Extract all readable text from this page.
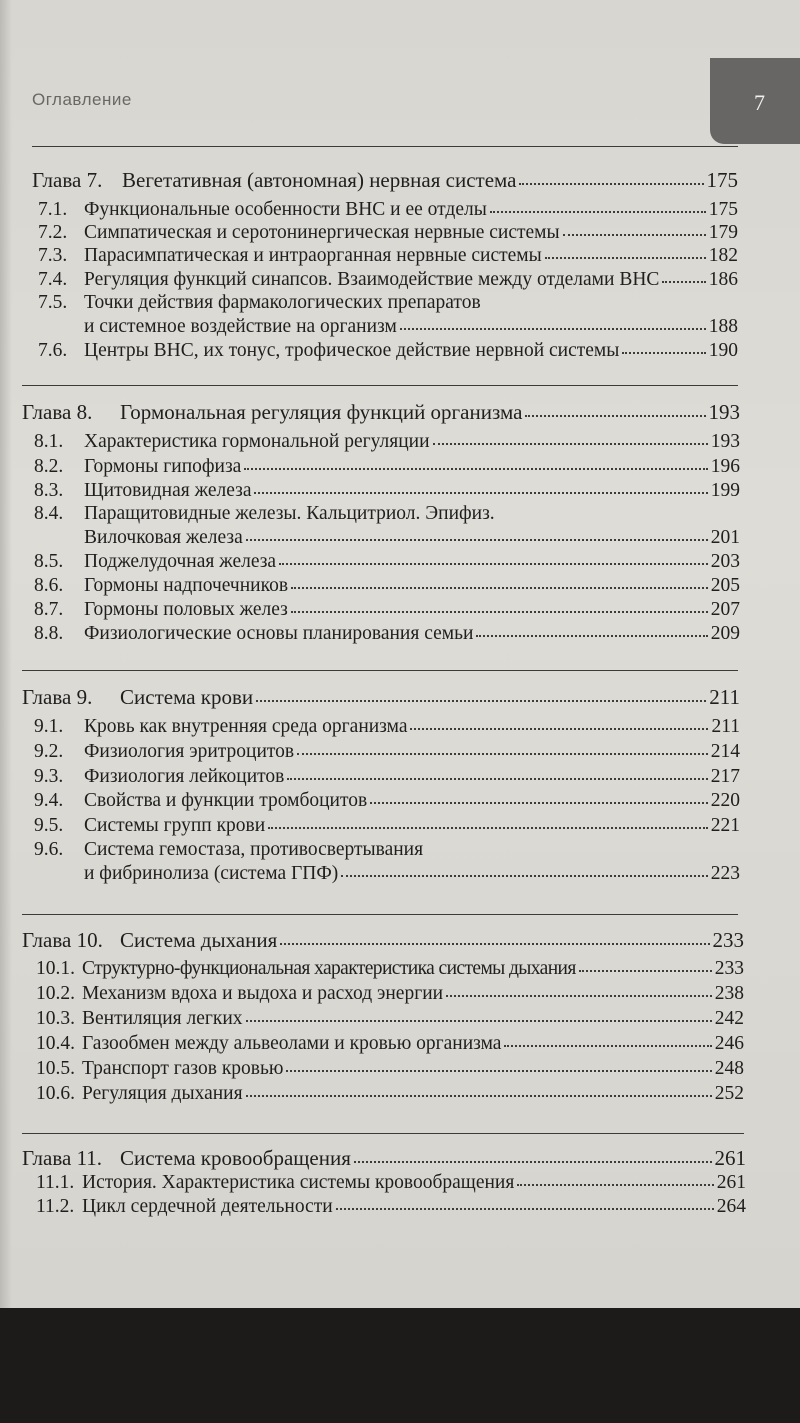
Оглавление	7
Глава 7. Вегетативная (автономная) нервная система	175
7.1. Функциональные особенности ВНС и ее отделы	175
7.2. Симпатическая и серотонинергическая нервные системы	179
7.3. Парасимпатическая и интраорганная нервные системы	182
7.4. Регуляция функций синапсов. Взаимодействие между отделами ВНС	186
7.5. Точки действия фармакологических препаратов
и системное воздействие на организм	188
7.6. Центры ВНС, их тонус, трофическое действие нервной системы	190
Глава 8.	Гормональная регуляция функций организма	193
8.1.	Характеристика гормональной регуляции	193
8.2.	Гормоны гипофиза	196
8.3.	Щитовидная железа	199
8.4. Паращитовидные железы. Кальцитриол. Эпифиз.
Вилочковая железа	201
8.5.	Поджелудочная железа	203
8.6.	Гормоны надпочечников	205
8.7.	Гормоны половых желез	207
8.8.	Физиологические основы планирования семьи	209
Глава 9.	Система крови	211
9.1.	Кровь как внутренняя среда организма	211
9.2.	Физиология эритроцитов	214
9.3.	Физиология лейкоцитов	217
9.4.	Свойства и функции тромбоцитов	220
9.5.	Системы групп крови	221
9.6. Система гемостаза, противосвертывания
и фибринолиза (система ГПФ)	223
Глава 10. Система дыхания	233
10.1. Структурно-функциональная характеристика системы дыхания	233
10.2. Механизм вдоха и выдоха и расход энергии	238
10.3. Вентиляция легких	242
10.4. Газообмен между альвеолами и кровью организма	246
10.5. Транспорт газов кровью	248
10.6. Регуляция дыхания	252
Глава 11. Система кровообращения	261
11.1. История. Характеристика системы кровообращения	261
11.2. Цикл сердечной деятельности	264
